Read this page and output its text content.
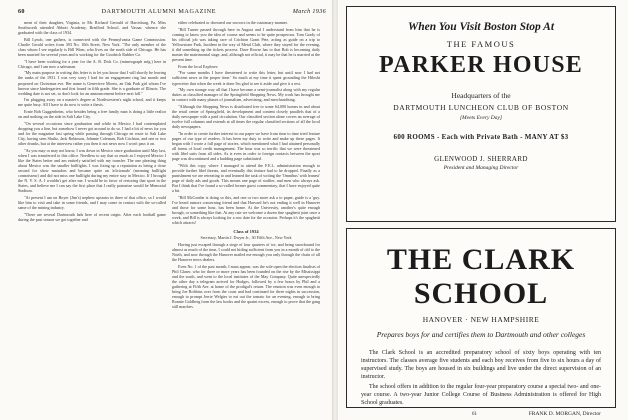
60	DARTMOUTH ALUMNI MAGAZINE	March 1936

ment of their daughter, Virginia, to Mr. Richard Gerould of Harrisburg, Pa. Miss Southworth attended Abbott Academy, Bradford School, and Vassar, whence she graduated with the class of 1934.

Bill Lynch, one gathers, is connected with the Pennsylvania Game Commission. Charlie Gerald writes from 393 No. 10th Street, New York. "The only member of the class whom I see regularly is Bill Winn, who lives on the north side of Chicago. He has been married for several years and is working for the Goodrich Rubber Co.

"I have been working for a year for the A. B. Dick Co. (mimeograph mfg.) here in Chicago, and I am now a salesman.

"My main purpose in writing this letter is to let you know that I will shortly be leaving the ranks of the 1931. I was very sorry I had for an engagement ring last month and proposed on Christmas eve. Her name is Genevieve Morris, an Oak Park girl whom I've known since kindergarten and first found in fifth grade. She is a graduate of Illinois. The wedding date is not set, so don't look for an announcement before next fall."

I'm plugging away on a master's degree at Northwestern's night school, and it keeps me quite busy. All I have to do now is write a thesis.

Ernie Bob Guggenheim, who besides being a free family man is doing a little realtor on and nothing on the side in Salt Lake City.

"On several occasions since graduation and while in Mexico I had contemplated dropping you a line, but somehow I never got around to do so. I had a bit of news for you and for the magazine fast spring while passing through Chicago en route to Salt Lake City, having seen Shultz, Jack Robinson, Johnnie Coleman, Bob Crichton, and one or two other drunks, but at the interview rather you then it not news now I won't pass it on.

"As you may or may not know, I was down in Mexico since graduation until May last, when I was transferred to this office. Needless to say that so much as I enjoyed Mexico I like the States better and am entirely satisfied with my transfer. The one pleasing thing about Mexico was the smaller bullfights. I was fixing up a reputation as being a close second for show matadors and became quite an 'aficionado' (meaning bullfight connoisseur) and did not miss one bullfight during my entire stay in Mexico. If I brought the N. Y. S. A. I wouldn't get after me, I would be in favor of restoring that sport in the States, and believe me I can say the first place that I really patronize would be Memorial Stadium.

"At present I am on Boyer (Jim's) nephew upstairs in three of that office, so I would like him to visit and take in some friends, and I may come in contact with the so-called same of the mining industry.

"There are several Dartmouth lads here of recent origin. After each football game during the past season we got together and

either celebrated or drowned our sorrows in the customary manner.

"Bill Turner passed through here in August and I understand from him that he is coming to know you the idea of course and seems to be quite prosperous. Tom Grady of his official job was taking care of Crichton Grant Pete, acting as guide on a trip to Yellowstone Park, Incident in the way of Metal Club, where they stayed for the evening, it did something up the tickets process. Dave Rowse has to that Bob is becoming daily master the matrimonial stage, and, although not official, it may be that he is married at the present time.

From the local Explorer:

"For some months I have threatened to write this letter, but until now I had not sufficient news at the proper time.' So much at my time it spent grounding the Hiloshi typewriter that when the week is done I'm glad to see it aside and give it a rest.

"My own strange way all that I have become a semi-journalist along with my regular duties as classified manager of the Springfield Shopping News. My work has brought me in contact with many phases of journalism, advertising, and merchandising.

"Although the Shopping News is distributed free to some 64,000 homes in and about the retail center of Springfield, its development and content closely parallels that of a daily newspaper with a paid circulation. Our classified section alone covers an average of twelve full columns and extends at all times the regular classified sections of all the local daily newspapers.

"In order to create further interest in our paper we have from time to time tried feature pages of our type of readers. It has been my duty to write and make up these pages. It began with I wrote a full page of stories, which mentioned what I had attained personally all forms of local credit management. The hour was so terrific that we were threatened with libel suits from all sides. As is even in order to foreign contacts between the sport page was discontinued and a budding page substituted.

"With this copy, where I managed to attend the F.E.L. administration enough to provide further libel threats, and eventually this feature had to be dropped. Finally as a punishment we are retreating to and learned the task of writing the 'Omnibus' with leanest' page of daily ads and goods. This means one page of stuffier, and men who always ask. But I think that I've found a so-called former guest commentary, that I have enjoyed quite a bit.

"Bill McConihe is doing so this, and one or two more ask a to paper, guide is a 'guy. I've heard rumors concerning friend and that Harvard he's not ending it well in Hanover and those for some hour, has been home. At the University, another's quite enough brough, or something like that. At any rate we welcome a dozen fine spaghetti joint once a week, and Bill is always looking for a row date for the occasion. Perhaps it's the spaghetti which attracts!

Class of 1934

Secretary, Martin J. Dwyer Jr., 30 Fifth Ave., New York

Having just escaped through a siege of four quarters of ice, and being snowbound for almost as much of the time, I could not hiding sufficient from you in a month of old to the North, and now through the Hanover mailed me enough you only through the chain of all the Hanover news dealers.

Even No. 1 of the past month, I must appear, was the sole open the election finalists of Phil Glaser, who for three or more years has been founded on the rise by the Mississippi and the south, and went to the local institutes of the May Company. Quite unexpectedly the other day a telegram arrived for Hodges, followed by a few hours by Phil and a gathering at Fifth Ave. at home of the prodigal's return. The reunion was even enough to bring Joe Robbins over from the coast and had continued for three nights in succession, enough to prompt Jerrie Welgier to eat out the tomato for an evening, enough to bring Ronnie Goldberg from the law books and the quaint excess, enough to prove that the gang still marches.

When You Visit Boston Stop At
THE FAMOUS
PARKER HOUSE
Headquarters of the
DARTMOUTH LUNCHEON CLUB OF BOSTON
[Meets Every Day]
600 ROOMS - Each with Private Bath - MANY AT $3
GLENWOOD J. SHERRARD
President and Managing Director
THE CLARK SCHOOL
HANOVER · NEW HAMPSHIRE
Prepares boys for and certifies them to Dartmouth and other colleges

The Clark School is an accredited preparatory school of sixty boys operating with ten instructors. The classes average five students and each boy receives from five to six hours a day of supervised study. The boys are housed in six buildings and live under the direct supervision of an instructor.

The school offers in addition to the regular four-year preparatory course a special two- and one-year course. A two-year Junior College Course of Business Administration is offered for High School graduates.

FRANK D. MORGAN, Director
61
